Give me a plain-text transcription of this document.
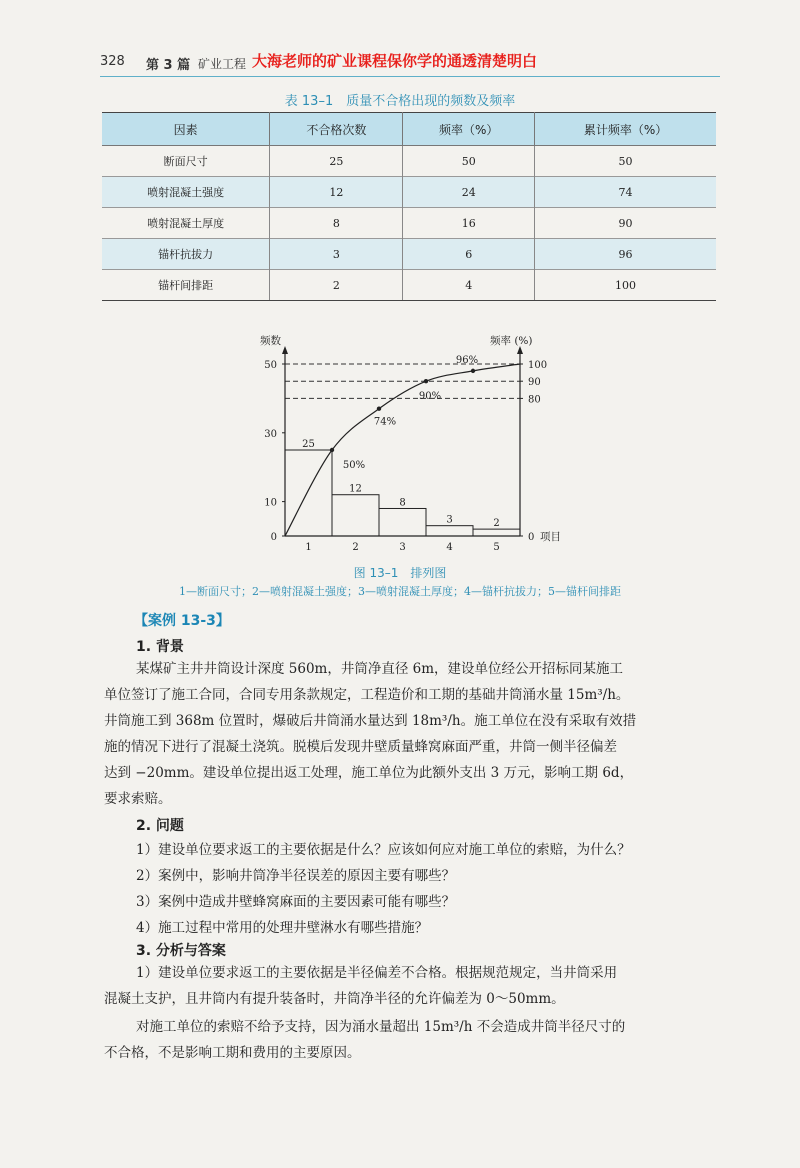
328 第 3 篇 矿业工程 大海老师的矿业课程保你学的通透清楚明白
表 13–1　质量不合格出现的频数及频率
因素	不合格次数	频率（%）	累计频率（%）
断面尺寸	25	50	50
喷射混凝土强度	12	24	74
喷射混凝土厚度	8	16	90
锚杆抗拔力	3	6	96
锚杆间排距	2	4	100
25
1
12
2
8
3
3
4
2
5
频数	频率 (%)
项目
0
10
30
50
0
80
90
100
50%
74%
90%
96%
图 13–1　排列图
1—断面尺寸；2—喷射混凝土强度；3—喷射混凝土厚度；4—锚杆抗拔力；5—锚杆间排距
【案例 13-3】
1. 背景
某煤矿主井井筒设计深度 560m，井筒净直径 6m，建设单位经公开招标同某施工
单位签订了施工合同，合同专用条款规定，工程造价和工期的基础井筒涌水量 15m³/h。
井筒施工到 368m 位置时，爆破后井筒涌水量达到 18m³/h。施工单位在没有采取有效措
施的情况下进行了混凝土浇筑。脱模后发现井壁质量蜂窝麻面严重，井筒一侧半径偏差
达到 −20mm。建设单位提出返工处理，施工单位为此额外支出 3 万元，影响工期 6d，
要求索赔。
2. 问题
1）建设单位要求返工的主要依据是什么？应该如何应对施工单位的索赔，为什么？
2）案例中，影响井筒净半径误差的原因主要有哪些？
3）案例中造成井壁蜂窝麻面的主要因素可能有哪些？
4）施工过程中常用的处理井壁淋水有哪些措施？
3. 分析与答案
1）建设单位要求返工的主要依据是半径偏差不合格。根据规范规定，当井筒采用
混凝土支护，且井筒内有提升装备时，井筒净半径的允许偏差为 0～50mm。
对施工单位的索赔不给予支持，因为涌水量超出 15m³/h 不会造成井筒半径尺寸的
不合格，不是影响工期和费用的主要原因。
